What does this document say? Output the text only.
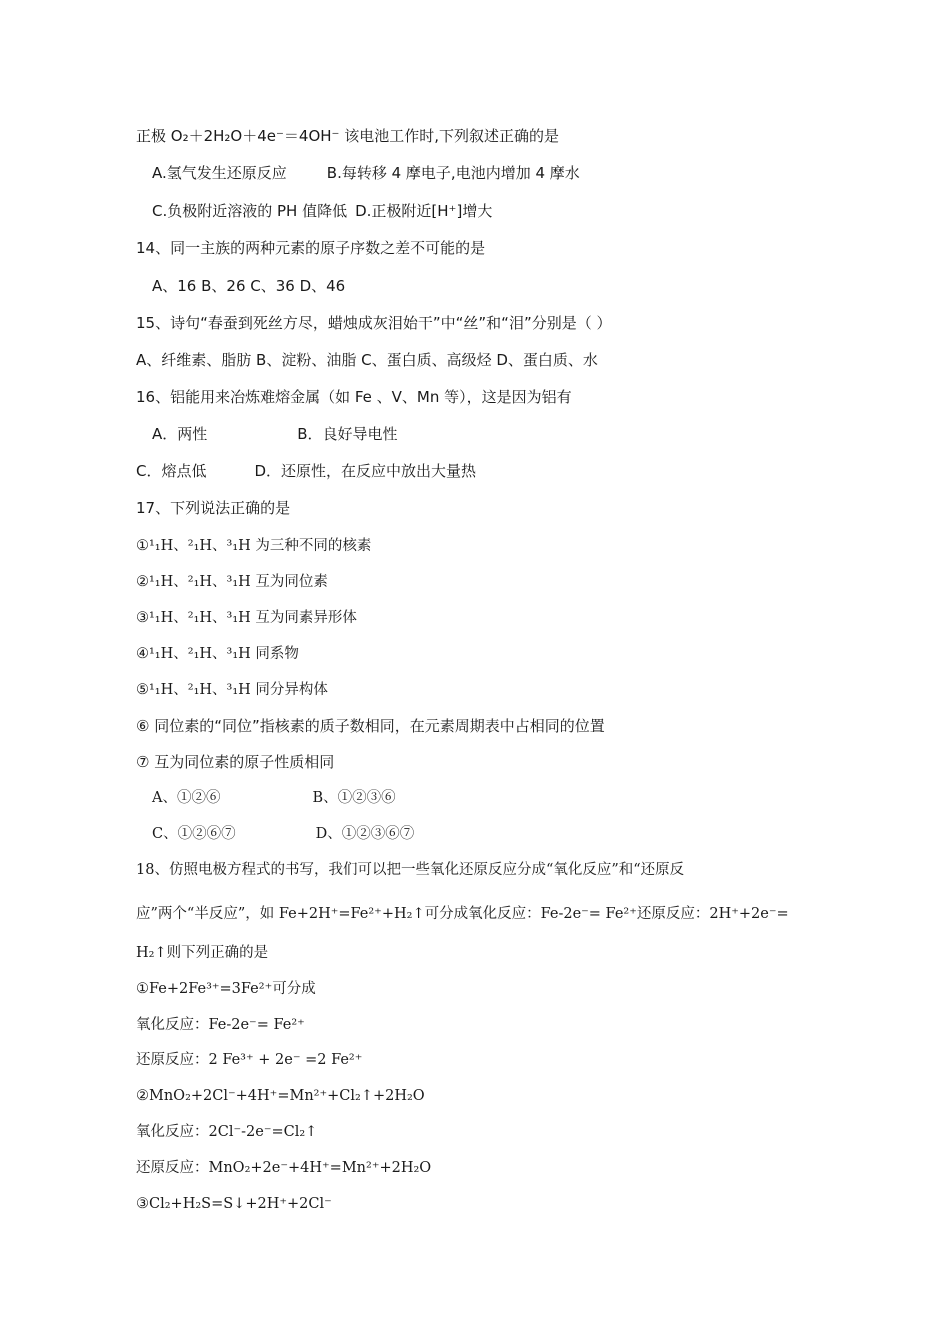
正极 O₂＋2H₂O＋4e⁻＝4OH⁻ 该电池工作时,下列叙述正确的是
A.氢气发生还原反应	B.每转移 4 摩电子,电池内增加 4 摩水
C.负极附近溶液的 PH 值降低 D.正极附近[H⁺]增大
14、同一主族的两种元素的原子序数之差不可能的是
A、16 B、26 C、36 D、46
15、诗句“春蚕到死丝方尽，蜡烛成灰泪始干”中“丝”和“泪”分别是（ ）
A、纤维素、脂肪 B、淀粉、油脂 C、蛋白质、高级烃 D、蛋白质、水
16、铝能用来冶炼难熔金属（如 Fe 、V、Mn 等），这是因为铝有
A．两性	B．良好导电性
C．熔点低	D．还原性，在反应中放出大量热
17、下列说法正确的是
①¹₁H、²₁H、³₁H 为三种不同的核素
②¹₁H、²₁H、³₁H 互为同位素
③¹₁H、²₁H、³₁H 互为同素异形体
④¹₁H、²₁H、³₁H 同系物
⑤¹₁H、²₁H、³₁H 同分异构体
⑥ 同位素的“同位”指核素的质子数相同，在元素周期表中占相同的位置
⑦ 互为同位素的原子性质相同
A、①②⑥	B、①②③⑥
C、①②⑥⑦	D、①②③⑥⑦
18、仿照电极方程式的书写，我们可以把一些氧化还原反应分成“氧化反应”和“还原反
应”两个“半反应”，如 Fe+2H⁺=Fe²⁺+H₂↑可分成氧化反应：Fe-2e⁻= Fe²⁺还原反应：2H⁺+2e⁻=
H₂↑则下列正确的是
①Fe+2Fe³⁺=3Fe²⁺可分成
氧化反应：Fe-2e⁻= Fe²⁺
还原反应：2 Fe³⁺ + 2e⁻ =2 Fe²⁺
②MnO₂+2Cl⁻+4H⁺=Mn²⁺+Cl₂↑+2H₂O
氧化反应：2Cl⁻-2e⁻=Cl₂↑
还原反应：MnO₂+2e⁻+4H⁺=Mn²⁺+2H₂O
③Cl₂+H₂S=S↓+2H⁺+2Cl⁻
